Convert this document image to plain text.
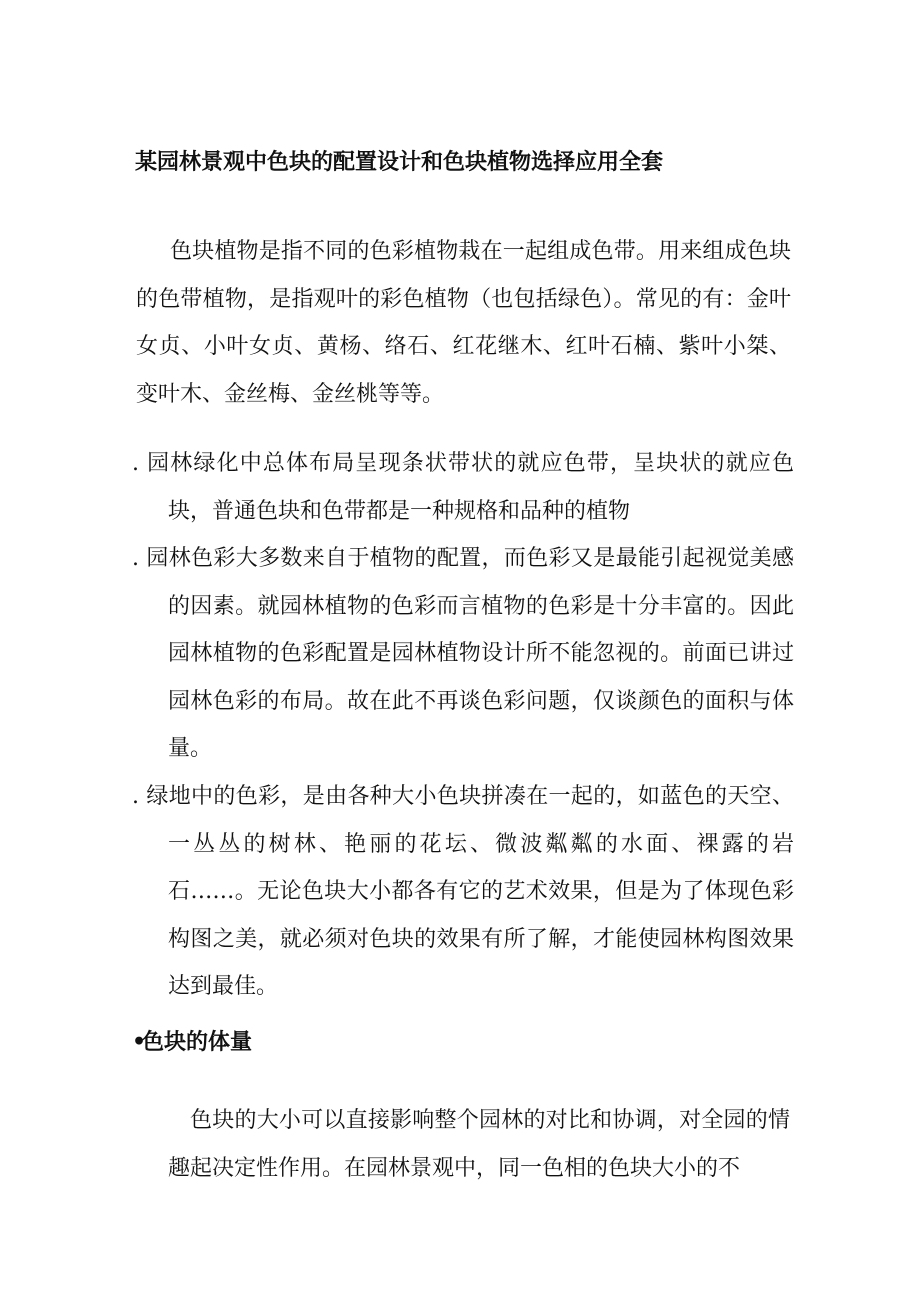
某园林景观中色块的配置设计和色块植物选择应用全套
色块植物是指不同的色彩植物栽在一起组成色带。用来组成色块的色带植物，是指观叶的彩色植物（也包括绿色）。常见的有：金叶女贞、小叶女贞、黄杨、络石、红花继木、红叶石楠、紫叶小桀、变叶木、金丝梅、金丝桃等等。
. 园林绿化中总体布局呈现条状带状的就应色带，呈块状的就应色块，普通色块和色带都是一种规格和品种的植物
. 园林色彩大多数来自于植物的配置，而色彩又是最能引起视觉美感的因素。就园林植物的色彩而言植物的色彩是十分丰富的。因此园林植物的色彩配置是园林植物设计所不能忽视的。前面已讲过园林色彩的布局。故在此不再谈色彩问题，仅谈颜色的面积与体量。
. 绿地中的色彩，是由各种大小色块拼凑在一起的，如蓝色的天空、一丛丛的树林、艳丽的花坛、微波粼粼的水面、裸露的岩石……。无论色块大小都各有它的艺术效果，但是为了体现色彩构图之美，就必须对色块的效果有所了解，才能使园林构图效果达到最佳。
•色块的体量
色块的大小可以直接影响整个园林的对比和协调，对全园的情趣起决定性作用。在园林景观中，同一色相的色块大小的不
